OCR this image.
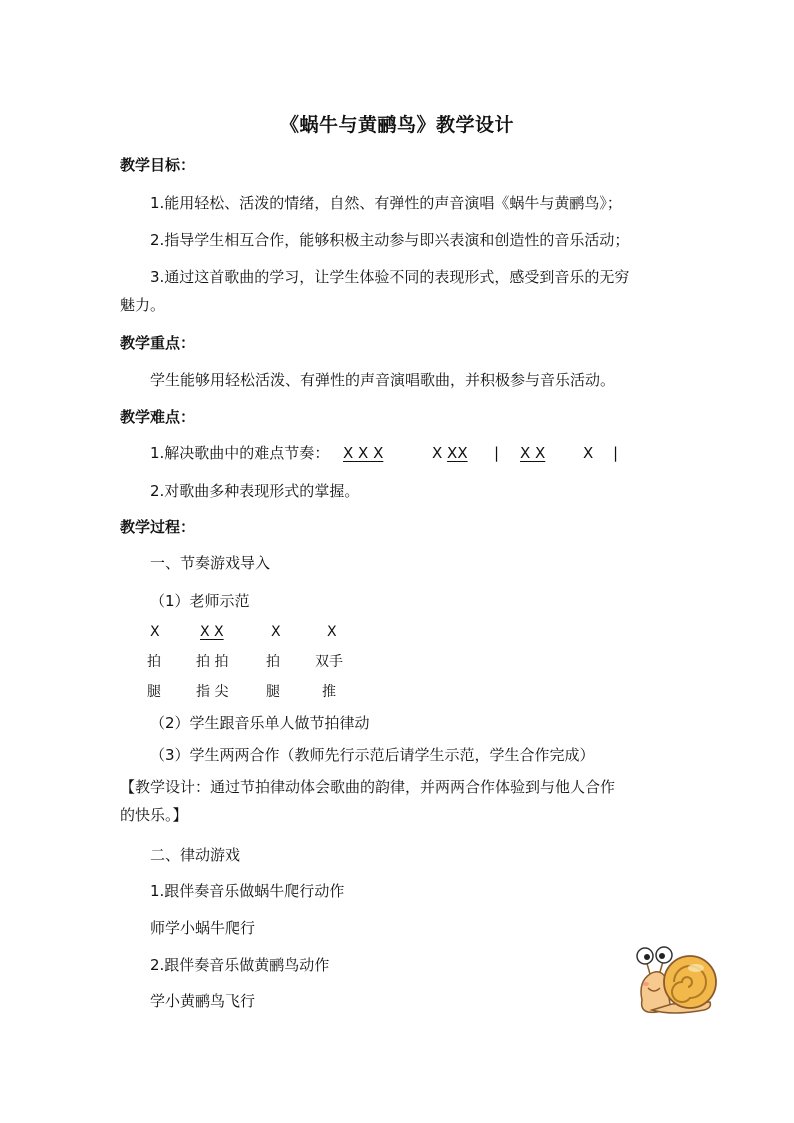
《蜗牛与黄鹂鸟》教学设计
教学目标：
1.能用轻松、活泼的情绪，自然、有弹性的声音演唱《蜗牛与黄鹂鸟》；
2.指导学生相互合作，能够积极主动参与即兴表演和创造性的音乐活动；
3.通过这首歌曲的学习，让学生体验不同的表现形式，感受到音乐的无穷
魅力。
教学重点：
学生能够用轻松活泼、有弹性的声音演唱歌曲，并积极参与音乐活动。
教学难点：
1.解决歌曲中的难点节奏： X X X	X XX | X X	X |
2.对歌曲多种表现形式的掌握。
教学过程：
一、节奏游戏导入
（1）老师示范
X	X X	X	X
拍	拍 拍	拍	双手
腿	指 尖	腿	推
（2）学生跟音乐单人做节拍律动
（3）学生两两合作（教师先行示范后请学生示范，学生合作完成）
【教学设计：通过节拍律动体会歌曲的韵律，并两两合作体验到与他人合作
的快乐。】
二、律动游戏
1.跟伴奏音乐做蜗牛爬行动作
师学小蜗牛爬行
2.跟伴奏音乐做黄鹂鸟动作
学小黄鹂鸟飞行
